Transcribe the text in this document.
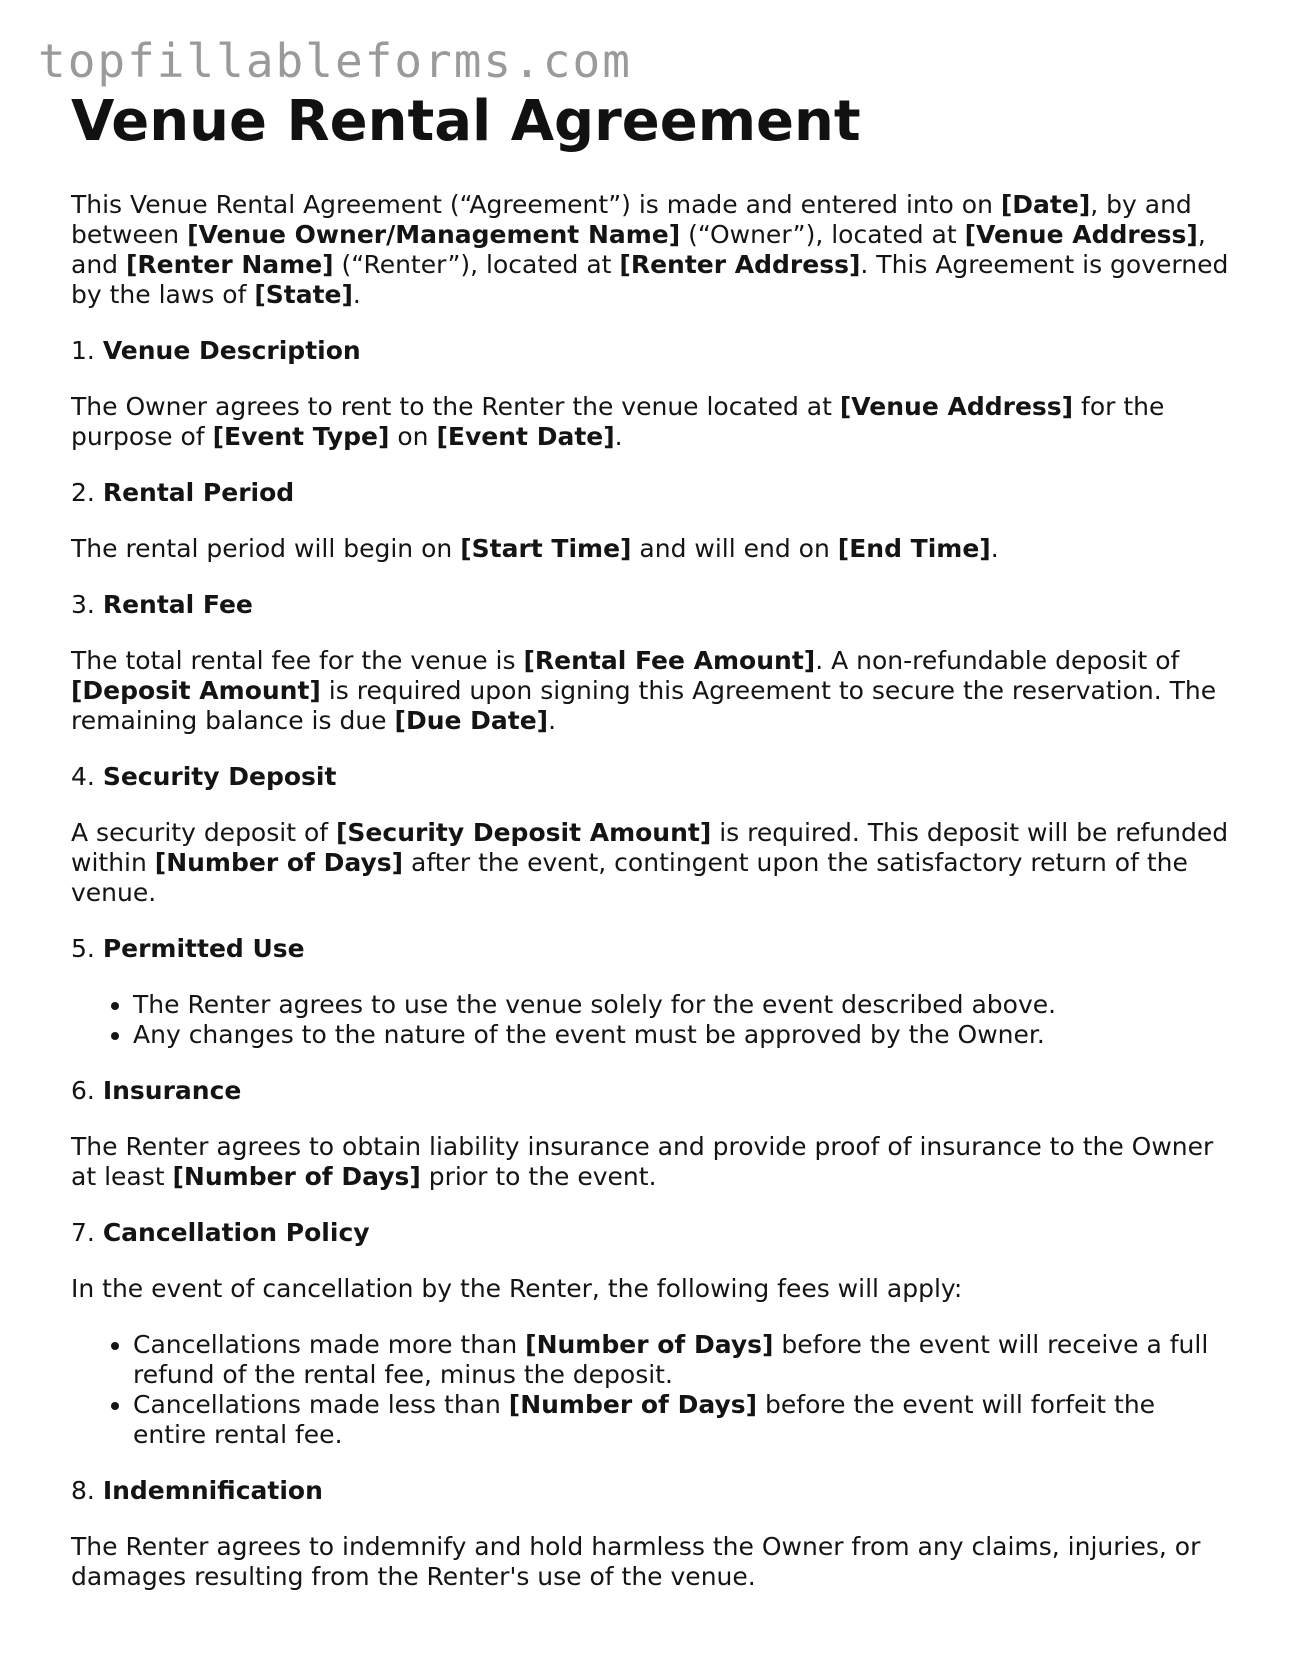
topfillableforms.com
Venue Rental Agreement

This Venue Rental Agreement (“Agreement”) is made and entered into on [Date], by and between [Venue Owner/Management Name] (“Owner”), located at [Venue Address], and [Renter Name] (“Renter”), located at [Renter Address]. This Agreement is governed by the laws of [State].

1. Venue Description

The Owner agrees to rent to the Renter the venue located at [Venue Address] for the purpose of [Event Type] on [Event Date].

2. Rental Period

The rental period will begin on [Start Time] and will end on [End Time].

3. Rental Fee

The total rental fee for the venue is [Rental Fee Amount]. A non-refundable deposit of [Deposit Amount] is required upon signing this Agreement to secure the reservation. The remaining balance is due [Due Date].

4. Security Deposit

A security deposit of [Security Deposit Amount] is required. This deposit will be refunded within [Number of Days] after the event, contingent upon the satisfactory return of the venue.

5. Permitted Use

• The Renter agrees to use the venue solely for the event described above.
• Any changes to the nature of the event must be approved by the Owner.

6. Insurance

The Renter agrees to obtain liability insurance and provide proof of insurance to the Owner at least [Number of Days] prior to the event.

7. Cancellation Policy

In the event of cancellation by the Renter, the following fees will apply:

• Cancellations made more than [Number of Days] before the event will receive a full refund of the rental fee, minus the deposit.
• Cancellations made less than [Number of Days] before the event will forfeit the entire rental fee.

8. Indemnification

The Renter agrees to indemnify and hold harmless the Owner from any claims, injuries, or damages resulting from the Renter's use of the venue.
